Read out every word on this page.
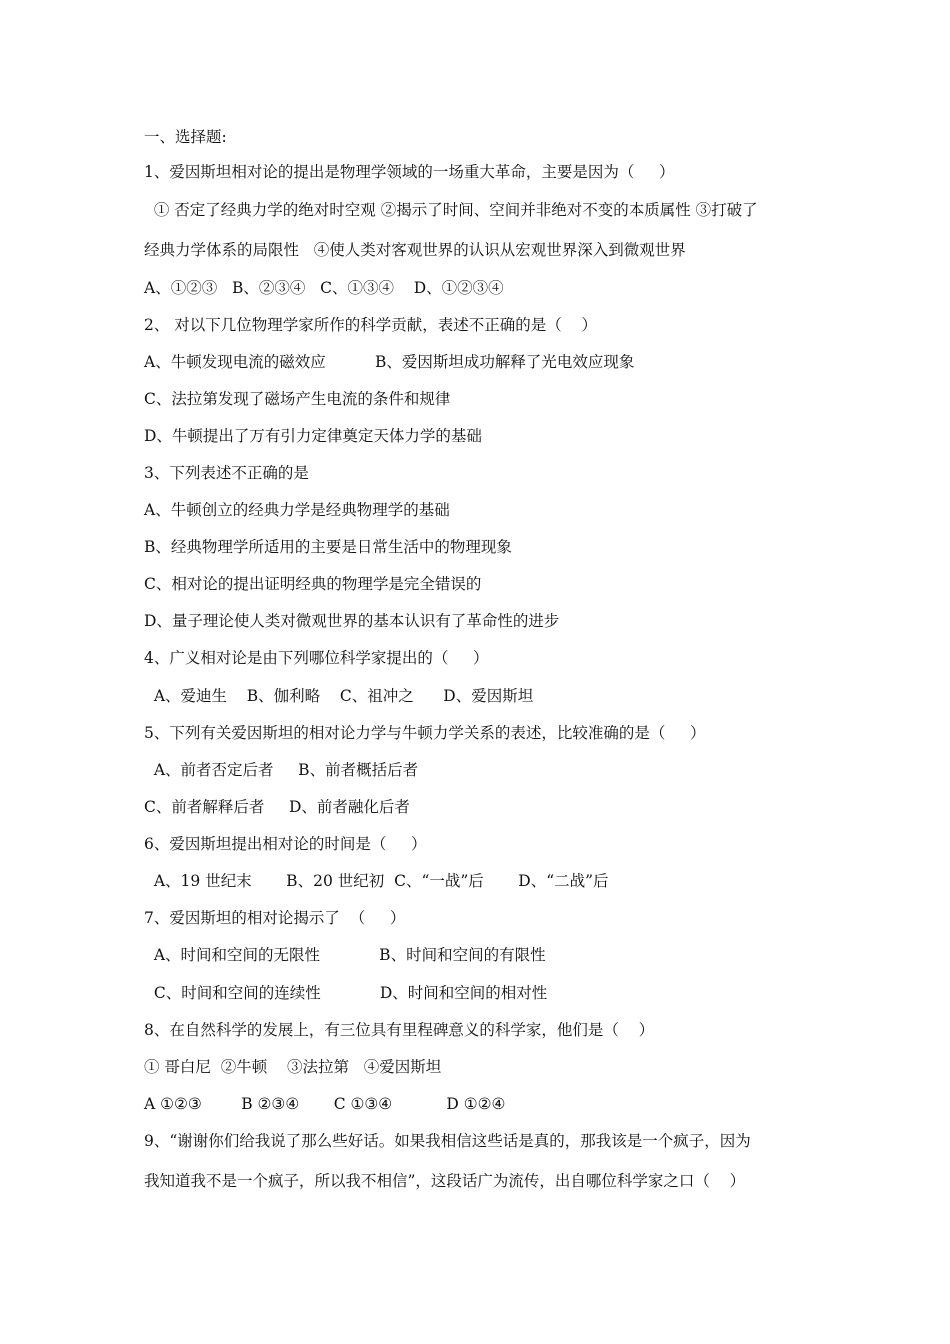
一、选择题:
1、爱因斯坦相对论的提出是物理学领域的一场重大革命，主要是因为（     ）
① 否定了经典力学的绝对时空观 ②揭示了时间、空间并非绝对不变的本质属性 ③打破了
经典力学体系的局限性   ④使人类对客观世界的认识从宏观世界深入到微观世界
A、①②③   B、②③④   C、①③④    D、①②③④
2、 对以下几位物理学家所作的科学贡献，表述不正确的是（    ）
A、牛顿发现电流的磁效应          B、爱因斯坦成功解释了光电效应现象
C、法拉第发现了磁场产生电流的条件和规律
D、牛顿提出了万有引力定律奠定天体力学的基础
3、下列表述不正确的是
A、牛顿创立的经典力学是经典物理学的基础
B、经典物理学所适用的主要是日常生活中的物理现象
C、相对论的提出证明经典的物理学是完全错误的
D、量子理论使人类对微观世界的基本认识有了革命性的进步
4、广义相对论是由下列哪位科学家提出的（     ）
A、爱迪生    B、伽利略    C、祖冲之      D、爱因斯坦
5、下列有关爱因斯坦的相对论力学与牛顿力学关系的表述，比较准确的是（     ）
A、前者否定后者     B、前者概括后者
C、前者解释后者     D、前者融化后者
6、爱因斯坦提出相对论的时间是（     ）
A、19 世纪末       B、20 世纪初  C、“一战”后       D、“二战”后
7、爱因斯坦的相对论揭示了  （     ）
A、时间和空间的无限性            B、时间和空间的有限性
C、时间和空间的连续性            D、时间和空间的相对性
8、在自然科学的发展上，有三位具有里程碑意义的科学家，他们是（    ）
① 哥白尼  ②牛顿    ③法拉第   ④爱因斯坦
A ①②③        B ②③④       C ①③④           D ①②④
9、“谢谢你们给我说了那么些好话。如果我相信这些话是真的，那我该是一个疯子，因为
我知道我不是一个疯子，所以我不相信”，这段话广为流传，出自哪位科学家之口（    ）
